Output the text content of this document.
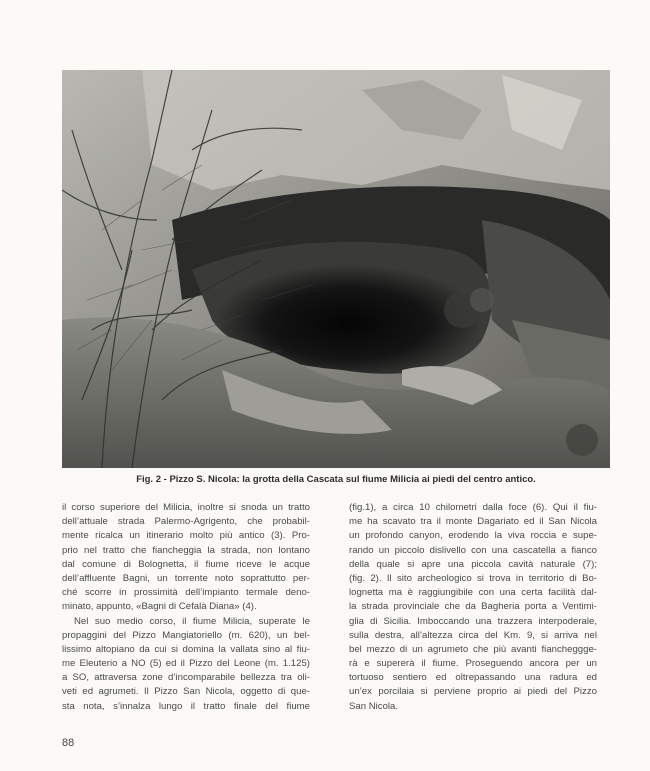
Fig. 2 - Pizzo S. Nicola: la grotta della Cascata sul fiume Milicia ai piedi del centro antico.
il corso superiore del Milicia, inoltre si snoda un tratto
dell’attuale strada Palermo-Agrigento, che probabil-
mente ricalca un itinerario molto più antico (3). Pro-
prio nel tratto che fiancheggia la strada, non lontano
dal comune di Bolognetta, il fiume riceve le acque
dell’affluente Bagni, un torrente noto soprattutto per-
ché scorre in prossimità dell’impianto termale deno-
minato, appunto, «Bagni di Cefalà Diana» (4).
Nel suo medio corso, il fiume Milicia, superate le
propaggini del Pizzo Mangiatoriello (m. 620), un bel-
lissimo altopiano da cui si domina la vallata sino al fiu-
me Eleuterio a NO (5) ed il Pizzo del Leone (m. 1.125)
a SO, attraversa zone d’incomparabile bellezza tra oli-
veti ed agrumeti. Il Pizzo San Nicola, oggetto di que-
sta nota, s’innalza lungo il tratto finale del fiume
(fig.1), a circa 10 chilometri dalla foce (6). Qui il fiu-
me ha scavato tra il monte Dagariato ed il San Nicola
un profondo canyon, erodendo la viva roccia e supe-
rando un piccolo dislivello con una cascatella a fianco
della quale si apre una piccola cavità naturale (7);
(fig. 2). Il sito archeologico si trova in territorio di Bo-
lognetta ma è raggiungibile con una certa facilità dal-
la strada provinciale che da Bagheria porta a Ventimi-
glia di Sicilia. Imboccando una trazzera interpoderale,
sulla destra, all’altezza circa del Km. 9, si arriva nel
bel mezzo di un agrumeto che più avanti fiancheggge-
rà e supererà il fiume. Proseguendo ancora per un
tortuoso sentiero ed oltrepassando una radura ed
un’ex porcilaia si perviene proprio ai piedi del Pizzo
San Nicola.
88
